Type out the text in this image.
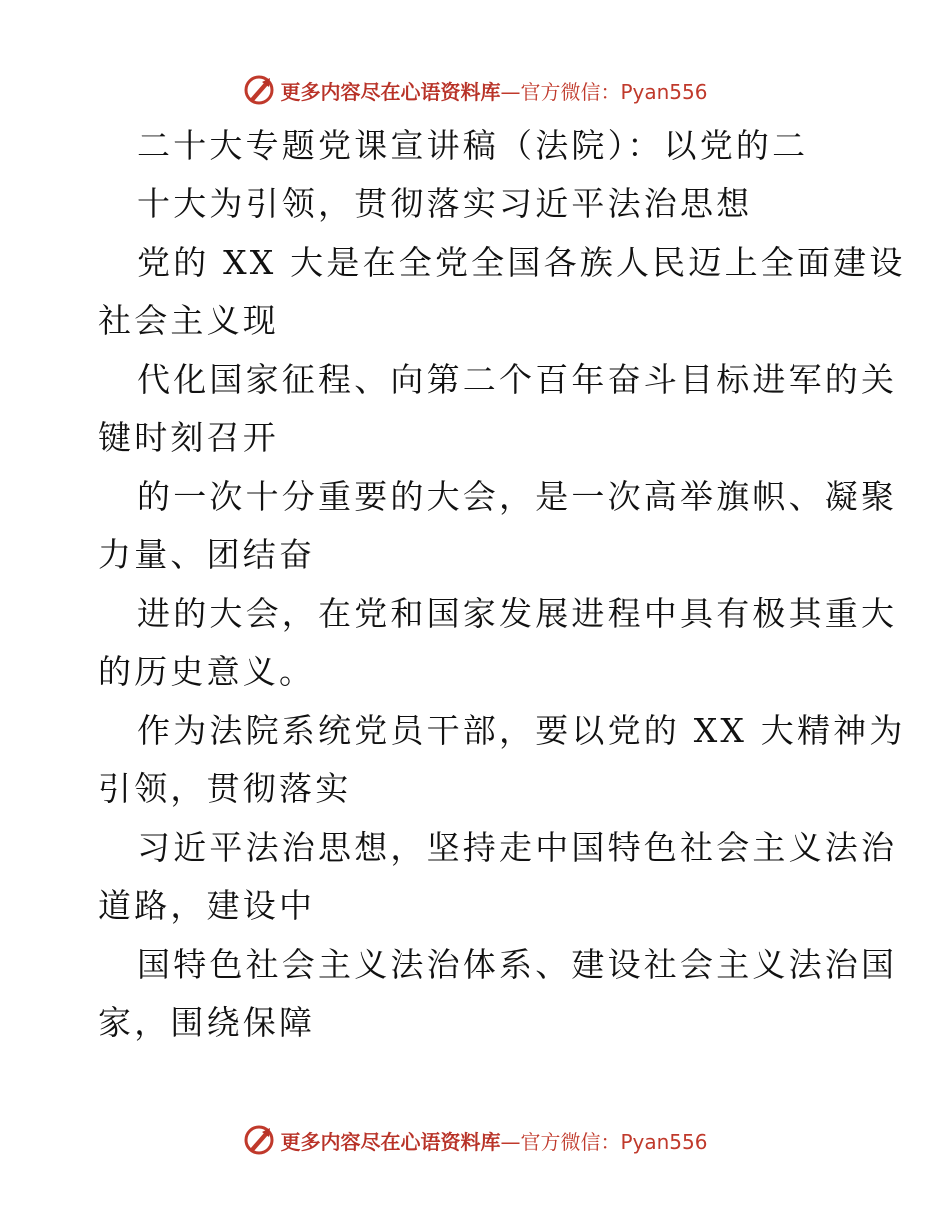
更多内容尽在心语资料库—官方微信：Pyan556
二十大专题党课宣讲稿（法院）：以党的二
十大为引领，贯彻落实习近平法治思想
党的 XX 大是在全党全国各族人民迈上全面建设
社会主义现
代化国家征程、向第二个百年奋斗目标进军的关
键时刻召开
的一次十分重要的大会，是一次高举旗帜、凝聚
力量、团结奋
进的大会，在党和国家发展进程中具有极其重大
的历史意义。
作为法院系统党员干部，要以党的 XX 大精神为
引领，贯彻落实
习近平法治思想，坚持走中国特色社会主义法治
道路，建设中
国特色社会主义法治体系、建设社会主义法治国
家，围绕保障
更多内容尽在心语资料库—官方微信：Pyan556
